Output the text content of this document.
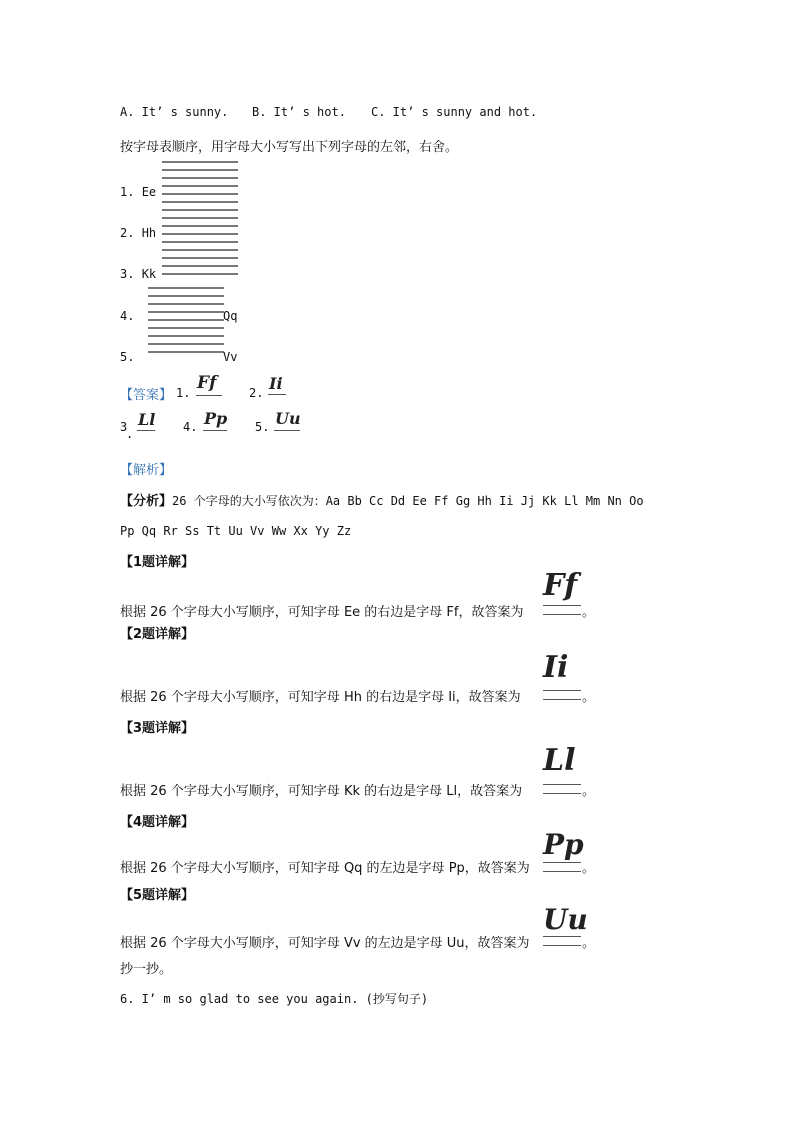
A. It’ s sunny. B. It’ s hot. C. It’ s sunny and hot.
按字母表顺序，用字母大小写写出下列字母的左邻，右舍。
1. Ee
2. Hh
3. Kk
4.	Qq
5.	Vv
【答案】 1. Ff	2. Ii
3
.
Ll 4. Pp 5. Uu
【解析】
【分析】26 个字母的大小写依次为：Aa Bb Cc Dd Ee Ff Gg Hh Ii Jj Kk Ll Mm Nn Oo
Pp Qq Rr Ss Tt Uu Vv Ww Xx Yy Zz
【1题详解】
根据 26 个字母大小写顺序，可知字母 Ee 的右边是字母 Ff，故答案为
Ff
。
【2题详解】
根据 26 个字母大小写顺序，可知字母 Hh 的右边是字母 Ii，故答案为
Ii
。
【3题详解】
根据 26 个字母大小写顺序，可知字母 Kk 的右边是字母 Ll，故答案为
Ll
。
【4题详解】
根据 26 个字母大小写顺序，可知字母 Qq 的左边是字母 Pp，故答案为
Pp
。
【5题详解】
根据 26 个字母大小写顺序，可知字母 Vv 的左边是字母 Uu，故答案为
Uu
。
抄一抄。
6. I’ m so glad to see you again. (抄写句子)
